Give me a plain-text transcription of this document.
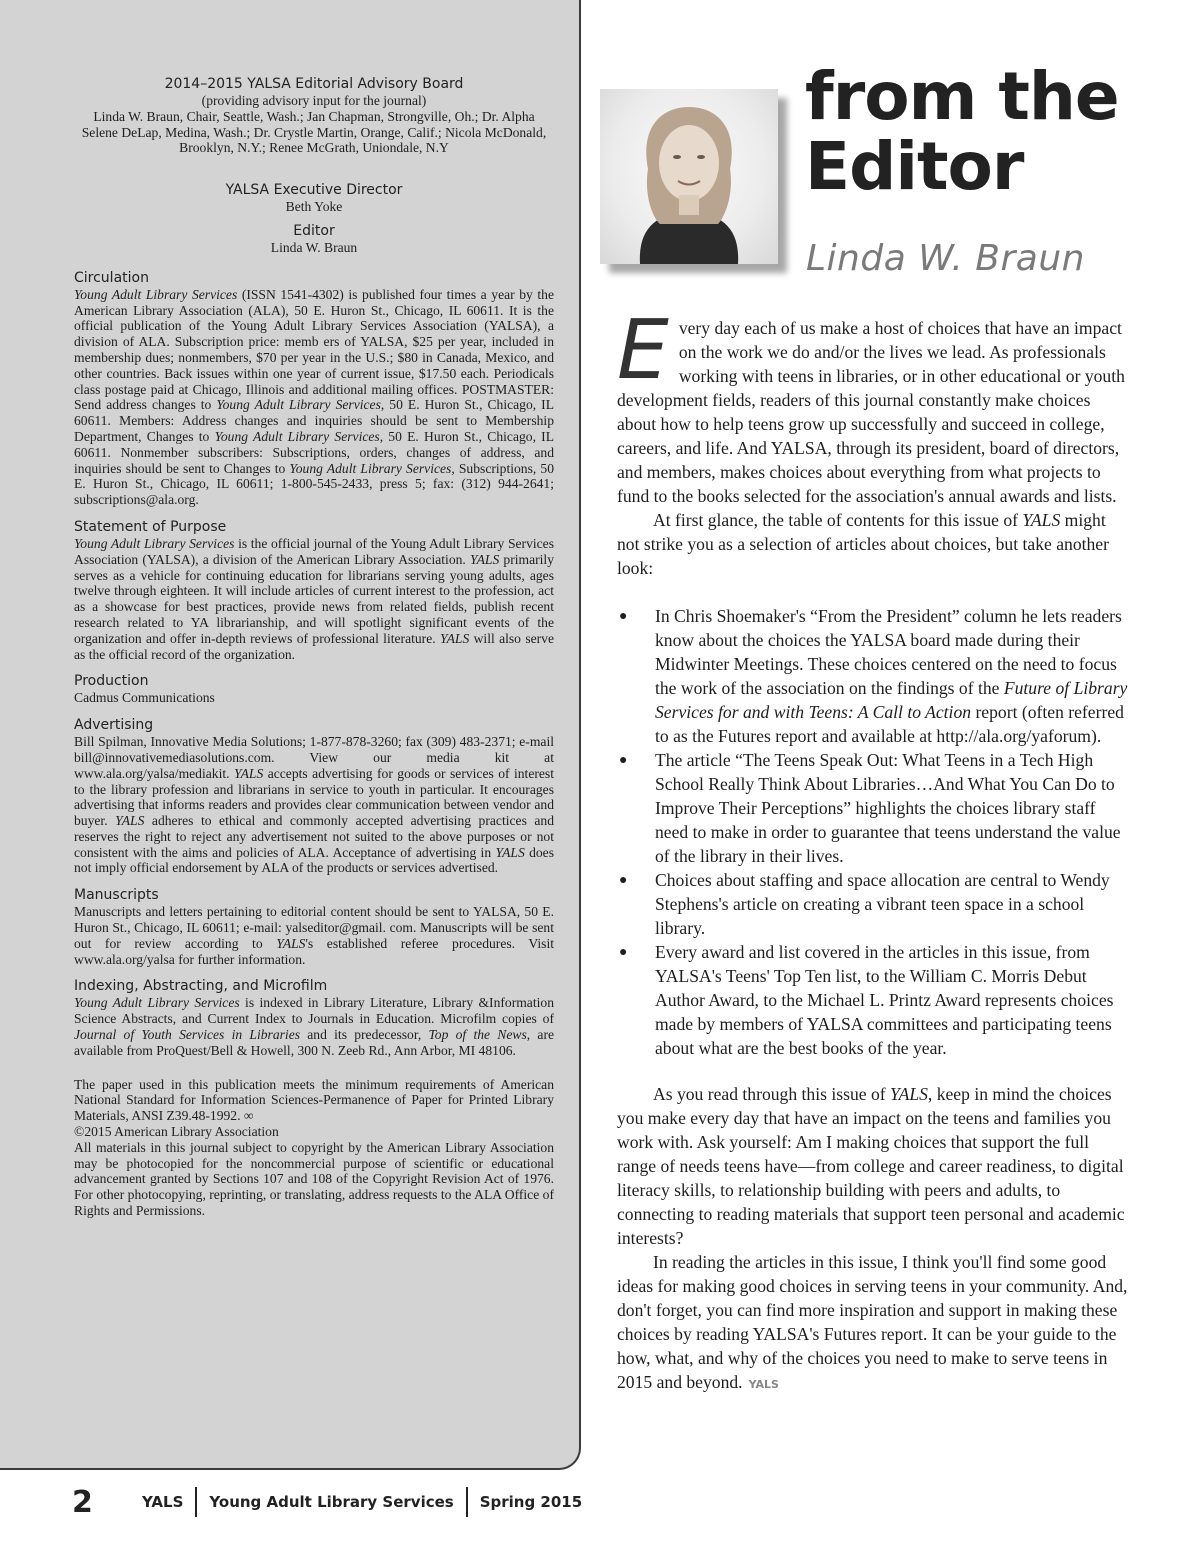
2014–2015 YALSA Editorial Advisory Board

(providing advisory input for the journal)

Linda W. Braun, Chair, Seattle, Wash.; Jan Chapman, Strongville, Oh.; Dr. Alpha Selene DeLap, Medina, Wash.; Dr. Crystle Martin, Orange, Calif.; Nicola McDonald, Brooklyn, N.Y.; Renee McGrath, Uniondale, N.Y

YALSA Executive Director

Beth Yoke

Editor

Linda W. Braun

Circulation

Young Adult Library Services (ISSN 1541-4302) is published four times a year by the American Library Association (ALA), 50 E. Huron St., Chicago, IL 60611. It is the official publication of the Young Adult Library Services Association (YALSA), a division of ALA. Subscription price: memb ers of YALSA, $25 per year, included in membership dues; nonmembers, $70 per year in the U.S.; $80 in Canada, Mexico, and other countries. Back issues within one year of current issue, $17.50 each. Periodicals class postage paid at Chicago, Illinois and additional mailing offices. POSTMASTER: Send address changes to Young Adult Library Services, 50 E. Huron St., Chicago, IL 60611. Members: Address changes and inquiries should be sent to Membership Department, Changes to Young Adult Library Services, 50 E. Huron St., Chicago, IL 60611. Nonmember subscribers: Subscriptions, orders, changes of address, and inquiries should be sent to Changes to Young Adult Library Services, Subscriptions, 50 E. Huron St., Chicago, IL 60611; 1-800-545-2433, press 5; fax: (312) 944-2641; subscriptions@ala.org.

Statement of Purpose

Young Adult Library Services is the official journal of the Young Adult Library Services Association (YALSA), a division of the American Library Association. YALS primarily serves as a vehicle for continuing education for librarians serving young adults, ages twelve through eighteen. It will include articles of current interest to the profession, act as a showcase for best practices, provide news from related fields, publish recent research related to YA librarianship, and will spotlight significant events of the organization and offer in-depth reviews of professional literature. YALS will also serve as the official record of the organization.

Production

Cadmus Communications

Advertising

Bill Spilman, Innovative Media Solutions; 1-877-878-3260; fax (309) 483-2371; e-mail bill@innovativemediasolutions.com. View our media kit at www.ala.org/yalsa/mediakit. YALS accepts advertising for goods or services of interest to the library profession and librarians in service to youth in particular. It encourages advertising that informs readers and provides clear communication between vendor and buyer. YALS adheres to ethical and commonly accepted advertising practices and reserves the right to reject any advertisement not suited to the above purposes or not consistent with the aims and policies of ALA. Acceptance of advertising in YALS does not imply official endorsement by ALA of the products or services advertised.

Manuscripts

Manuscripts and letters pertaining to editorial content should be sent to YALSA, 50 E. Huron St., Chicago, IL 60611; e-mail: yalseditor@gmail. com. Manuscripts will be sent out for review according to YALS's established referee procedures. Visit www.ala.org/yalsa for further information.

Indexing, Abstracting, and Microfilm

Young Adult Library Services is indexed in Library Literature, Library &Information Science Abstracts, and Current Index to Journals in Education. Microfilm copies of Journal of Youth Services in Libraries and its predecessor, Top of the News, are available from ProQuest/Bell & Howell, 300 N. Zeeb Rd., Ann Arbor, MI 48106.

The paper used in this publication meets the minimum requirements of American National Standard for Information Sciences-Permanence of Paper for Printed Library Materials, ANSI Z39.48-1992. ∞

©2015 American Library Association

All materials in this journal subject to copyright by the American Library Association may be photocopied for the noncommercial purpose of scientific or educational advancement granted by Sections 107 and 108 of the Copyright Revision Act of 1976. For other photocopying, reprinting, or translating, address requests to the ALA Office of Rights and Permissions.

from the
Editor
Linda W. Braun

Every day each of us make a host of choices that have an impact on the work we do and/or the lives we lead. As professionals working with teens in libraries, or in other educational or youth development fields, readers of this journal constantly make choices about how to help teens grow up successfully and succeed in college, careers, and life. And YALSA, through its president, board of directors, and members, makes choices about everything from what projects to fund to the books selected for the association's annual awards and lists.

At first glance, the table of contents for this issue of YALS might not strike you as a selection of articles about choices, but take another look:

● In Chris Shoemaker's “From the President” column he lets readers know about the choices the YALSA board made during their Midwinter Meetings. These choices centered on the need to focus the work of the association on the findings of the Future of Library Services for and with Teens: A Call to Action report (often referred to as the Futures report and available at http://ala.org/yaforum).
● The article “The Teens Speak Out: What Teens in a Tech High School Really Think About Libraries…And What You Can Do to Improve Their Perceptions” highlights the choices library staff need to make in order to guarantee that teens understand the value of the library in their lives.
● Choices about staffing and space allocation are central to Wendy Stephens's article on creating a vibrant teen space in a school library.
● Every award and list covered in the articles in this issue, from YALSA's Teens' Top Ten list, to the William C. Morris Debut Author Award, to the Michael L. Printz Award represents choices made by members of YALSA committees and participating teens about what are the best books of the year.

As you read through this issue of YALS, keep in mind the choices you make every day that have an impact on the teens and families you work with. Ask yourself: Am I making choices that support the full range of needs teens have—from college and career readiness, to digital literacy skills, to relationship building with peers and adults, to connecting to reading materials that support teen personal and academic interests?

In reading the articles in this issue, I think you'll find some good ideas for making good choices in serving teens in your community. And, don't forget, you can find more inspiration and support in making these choices by reading YALSA's Futures report. It can be your guide to the how, what, and why of the choices you need to make to serve teens in 2015 and beyond. YALS

2	YALS Young Adult Library Services Spring 2015
